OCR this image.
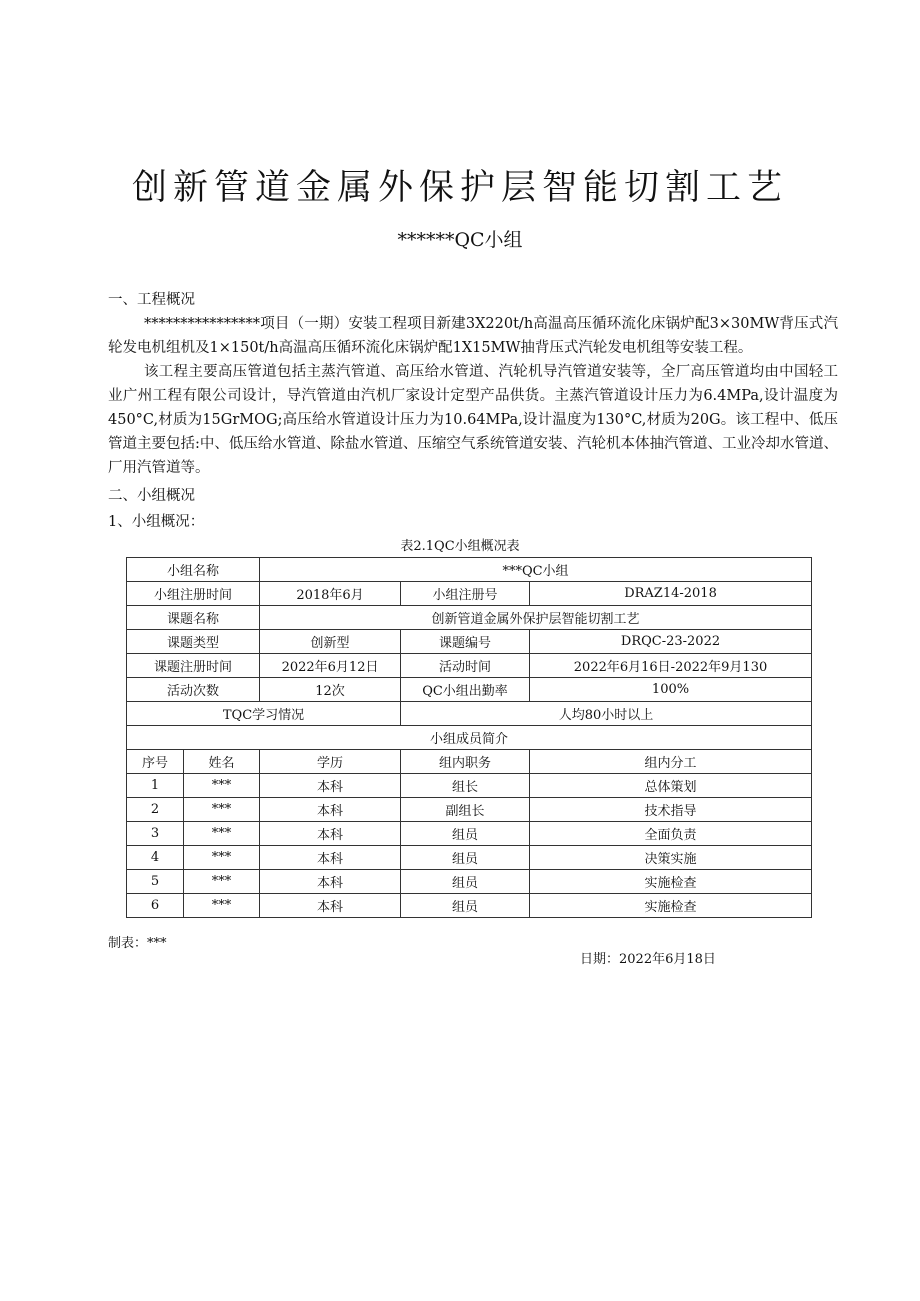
创新管道金属外保护层智能切割工艺
******QC小组
一、工程概况
****************项目（一期）安装工程项目新建3X220t/h高温高压循环流化床锅炉配3×30MW背压式汽轮发电机组机及1×150t/h高温高压循环流化床锅炉配1X15MW抽背压式汽轮发电机组等安装工程。
该工程主要高压管道包括主蒸汽管道、高压给水管道、汽轮机导汽管道安装等，全厂高压管道均由中国轻工业广州工程有限公司设计，导汽管道由汽机厂家设计定型产品供货。主蒸汽管道设计压力为6.4MPa,设计温度为450°C,材质为15GrMOG;高压给水管道设计压力为10.64MPa,设计温度为130°C,材质为20G。该工程中、低压管道主要包括:中、低压给水管道、除盐水管道、压缩空气系统管道安装、汽轮机本体抽汽管道、工业冷却水管道、厂用汽管道等。
二、小组概况
1、小组概况：
表2.1QC小组概况表
小组名称		***QC小组		
小组注册时间		2018年6月	小组注册号	DRAZ14-2018
课题名称		创新管道金属外保护层智能切割工艺		
课题类型		创新型	课题编号	DRQC-23-2022
课题注册时间		2022年6月12日	活动时间	2022年6月16日-2022年9月130
活动次数		12次	QC小组出勤率	100%
TQC学习情况			人均80小时以上	
小组成员简介				
序号	姓名	学历	组内职务	组内分工
1	***	本科	组长	总体策划
2	***	本科	副组长	技术指导
3	***	本科	组员	全面负责
4	***	本科	组员	决策实施
5	***	本科	组员	实施检查
6	***	本科	组员	实施检查
制表：***
日期：2022年6月18日
